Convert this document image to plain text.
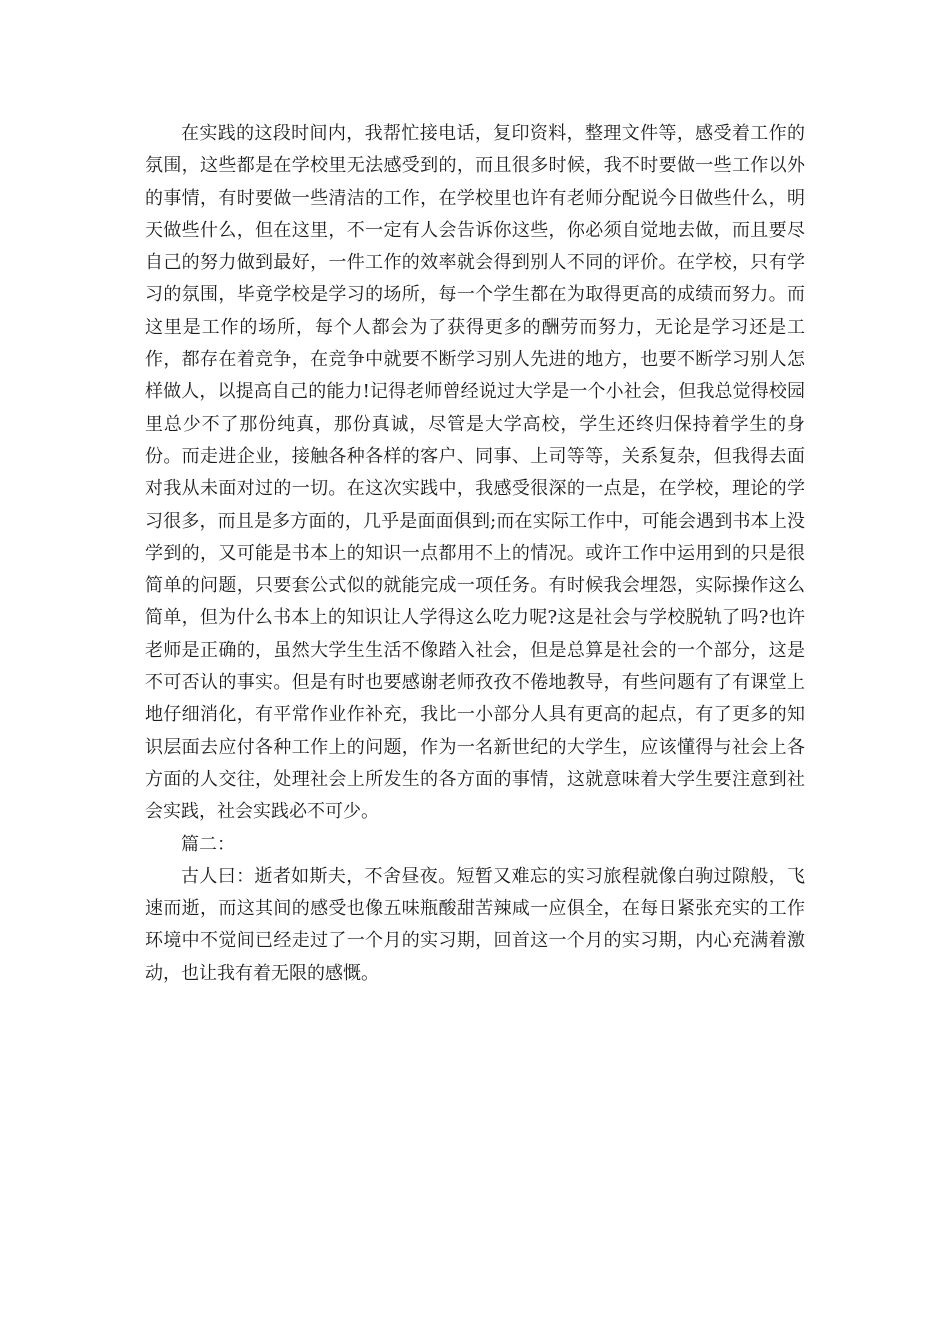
在实践的这段时间内，我帮忙接电话，复印资料，整理文件等，感受着工作的氛围，这些都是在学校里无法感受到的，而且很多时候，我不时要做一些工作以外的事情，有时要做一些清洁的工作，在学校里也许有老师分配说今日做些什么，明天做些什么，但在这里，不一定有人会告诉你这些，你必须自觉地去做，而且要尽自己的努力做到最好，一件工作的效率就会得到别人不同的评价。在学校，只有学习的氛围，毕竟学校是学习的场所，每一个学生都在为取得更高的成绩而努力。而这里是工作的场所，每个人都会为了获得更多的酬劳而努力，无论是学习还是工作，都存在着竞争，在竞争中就要不断学习别人先进的地方，也要不断学习别人怎样做人，以提高自己的能力!记得老师曾经说过大学是一个小社会，但我总觉得校园里总少不了那份纯真，那份真诚，尽管是大学高校，学生还终归保持着学生的身份。而走进企业，接触各种各样的客户、同事、上司等等，关系复杂，但我得去面对我从未面对过的一切。在这次实践中，我感受很深的一点是，在学校，理论的学习很多，而且是多方面的，几乎是面面俱到;而在实际工作中，可能会遇到书本上没学到的，又可能是书本上的知识一点都用不上的情况。或许工作中运用到的只是很简单的问题，只要套公式似的就能完成一项任务。有时候我会埋怨，实际操作这么简单，但为什么书本上的知识让人学得这么吃力呢?这是社会与学校脱轨了吗?也许老师是正确的，虽然大学生生活不像踏入社会，但是总算是社会的一个部分，这是不可否认的事实。但是有时也要感谢老师孜孜不倦地教导，有些问题有了有课堂上地仔细消化，有平常作业作补充，我比一小部分人具有更高的起点，有了更多的知识层面去应付各种工作上的问题，作为一名新世纪的大学生，应该懂得与社会上各方面的人交往，处理社会上所发生的各方面的事情，这就意味着大学生要注意到社会实践，社会实践必不可少。

篇二：

古人曰：逝者如斯夫，不舍昼夜。短暂又难忘的实习旅程就像白驹过隙般，飞速而逝，而这其间的感受也像五味瓶酸甜苦辣咸一应俱全，在每日紧张充实的工作环境中不觉间已经走过了一个月的实习期，回首这一个月的实习期，内心充满着激动，也让我有着无限的感慨。
